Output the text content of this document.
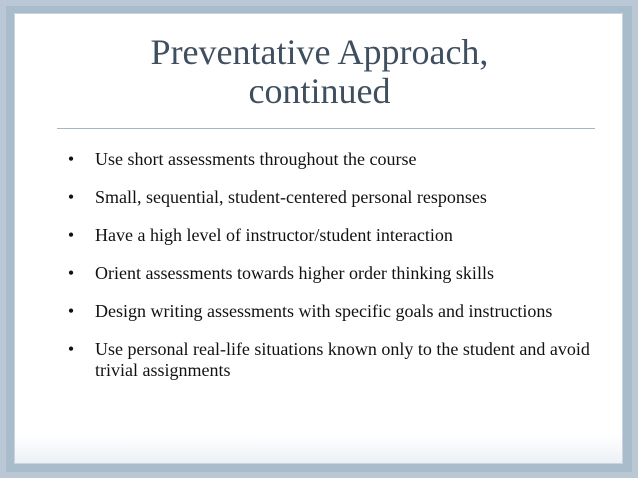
Preventative Approach,
continued
• Use short assessments throughout the course
• Small, sequential, student-centered personal responses
• Have a high level of instructor/student interaction
• Orient assessments towards higher order thinking skills
• Design writing assessments with specific goals and instructions
• Use personal real-life situations known only to the student and avoid trivial assignments
